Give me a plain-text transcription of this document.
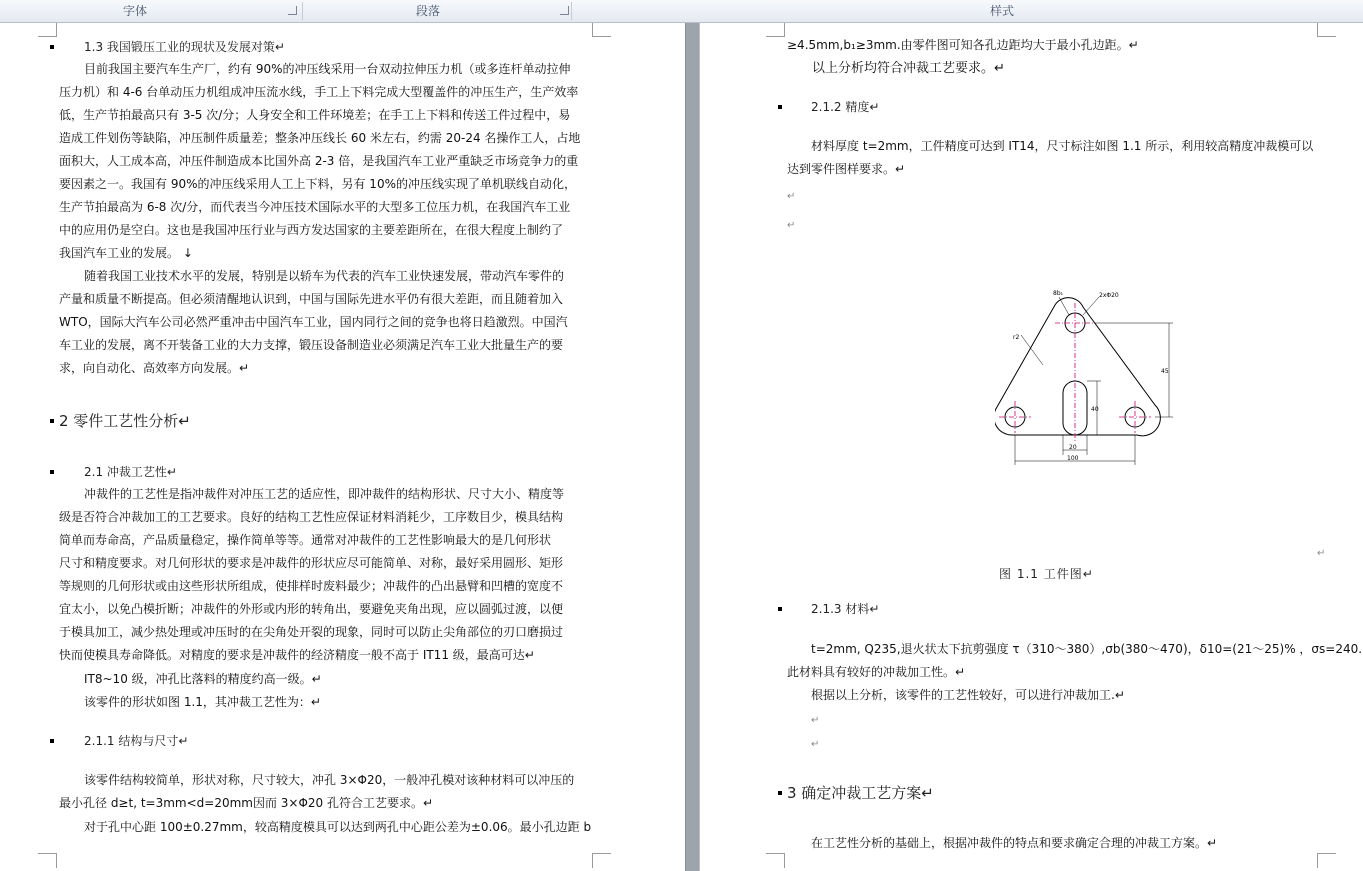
字体	段落	样式
1.3 我国锻压工业的现状及发展对策↵
目前我国主要汽车生产厂，约有 90%的冲压线采用一台双动拉伸压力机（或多连杆单动拉伸
压力机）和 4-6 台单动压力机组成冲压流水线，手工上下料完成大型覆盖件的冲压生产，生产效率
低，生产节拍最高只有 3-5 次/分；人身安全和工件环境差；在手工上下料和传送工件过程中，易
造成工件划伤等缺陷，冲压制件质量差；整条冲压线长 60 米左右，约需 20-24 名操作工人，占地
面积大，人工成本高，冲压件制造成本比国外高 2-3 倍，是我国汽车工业严重缺乏市场竞争力的重
要因素之一。我国有 90%的冲压线采用人工上下料，另有 10%的冲压线实现了单机联线自动化，
生产节拍最高为 6-8 次/分，而代表当今冲压技术国际水平的大型多工位压力机，在我国汽车工业
中的应用仍是空白。这也是我国冲压行业与西方发达国家的主要差距所在，在很大程度上制约了
我国汽车工业的发展。 ↓
随着我国工业技术水平的发展，特别是以轿车为代表的汽车工业快速发展，带动汽车零件的
产量和质量不断提高。但必须清醒地认识到，中国与国际先进水平仍有很大差距，而且随着加入
WTO，国际大汽车公司必然严重冲击中国汽车工业，国内同行之间的竞争也将日趋激烈。中国汽
车工业的发展，离不开装备工业的大力支撑，锻压设备制造业必须满足汽车工业大批量生产的要
求，向自动化、高效率方向发展。↵
2 零件工艺性分析↵
2.1 冲裁工艺性↵
冲裁件的工艺性是指冲裁件对冲压工艺的适应性，即冲裁件的结构形状、尺寸大小、精度等
级是否符合冲裁加工的工艺要求。良好的结构工艺性应保证材料消耗少，工序数目少，模具结构
简单而寿命高，产品质量稳定，操作简单等等。通常对冲裁件的工艺性影响最大的是几何形状
尺寸和精度要求。对几何形状的要求是冲裁件的形状应尽可能简单、对称，最好采用圆形、矩形
等规则的几何形状或由这些形状所组成，使排样时废料最少；冲裁件的凸出悬臂和凹槽的宽度不
宜太小，以免凸模折断；冲裁件的外形或内形的转角出，要避免夹角出现，应以圆弧过渡，以便
于模具加工，减少热处理或冲压时的在尖角处开裂的现象，同时可以防止尖角部位的刃口磨损过
快而使模具寿命降低。对精度的要求是冲裁件的经济精度一般不高于 IT11 级，最高可达↵
IT8~10 级，冲孔比落料的精度约高一级。↵
该零件的形状如图 1.1，其冲裁工艺性为：↵
2.1.1 结构与尺寸↵
该零件结构较简单，形状对称，尺寸较大，冲孔 3×Φ20，一般冲孔模对该种材料可以冲压的
最小孔径 d≥t, t=3mm<d=20mm因而 3×Φ20 孔符合工艺要求。↵
对于孔中心距 100±0.27mm，较高精度模具可以达到两孔中心距公差为±0.06。最小孔边距 b
8b₁	2xΦ20
r2
45
40
20
100
≥4.5mm,b₁≥3mm.由零件图可知各孔边距均大于最小孔边距。↵
以上分析均符合冲裁工艺要求。↵
2.1.2 精度↵
材料厚度 t=2mm，工件精度可达到 IT14，尺寸标注如图 1.1 所示，利用较高精度冲裁模可以
达到零件图样要求。↵
↵
↵
↵
图 1.1 工件图↵
2.1.3 材料↵
t=2mm, Q235,退火状太下抗剪强度 τ（310～380）,σb(380～470)，δ10=(21～25)% ，σs=240.
此材料具有较好的冲裁加工性。↵
根据以上分析，该零件的工艺性较好，可以进行冲裁加工.↵
↵
↵
3 确定冲裁工艺方案↵
在工艺性分析的基础上，根据冲裁件的特点和要求确定合理的冲裁工方案。↵
